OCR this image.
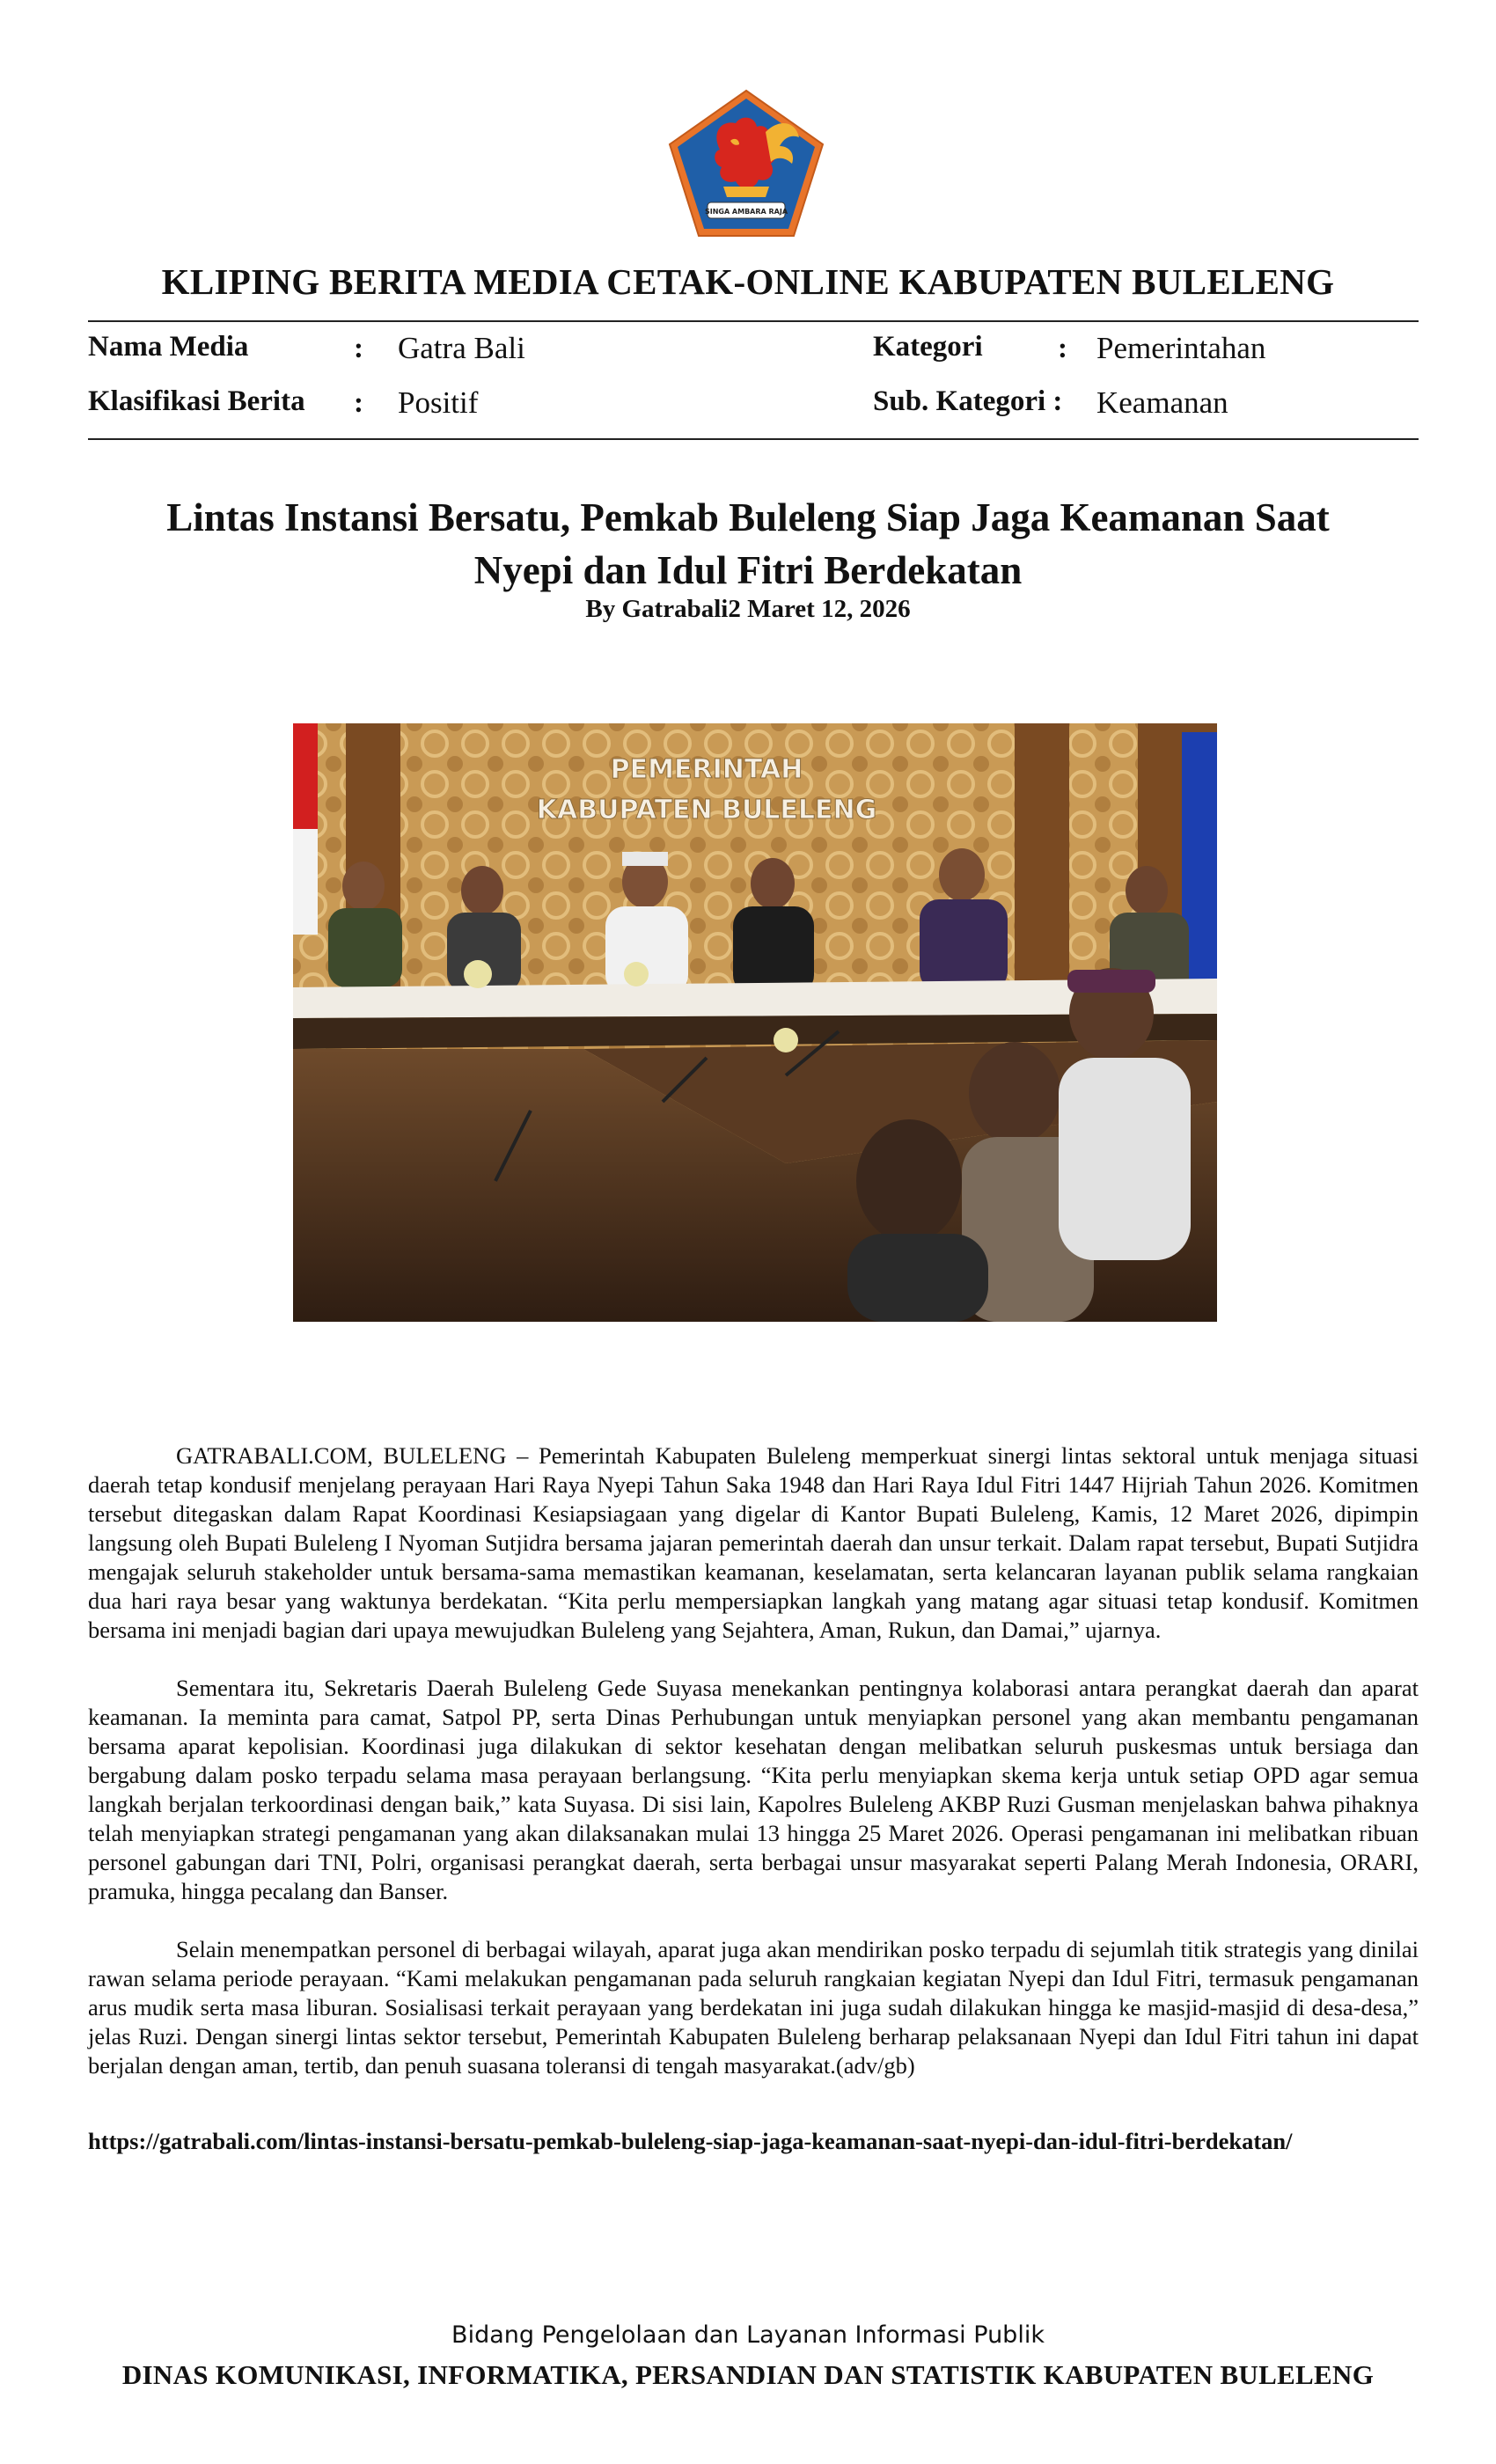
SINGA AMBARA RAJA
KLIPING BERITA MEDIA CETAK-ONLINE KABUPATEN BULELENG
Nama Media	: Gatra Bali	Kategori	: Pemerintahan
Klasifikasi Berita : Positif	Sub. Kategori : Keamanan
Lintas Instansi Bersatu, Pemkab Buleleng Siap Jaga Keamanan Saat
Nyepi dan Idul Fitri Berdekatan
By Gatrabali2 Maret 12, 2026
PEMERINTAH
KABUPATEN BULELENG

GATRABALI.COM, BULELENG – Pemerintah Kabupaten Buleleng memperkuat sinergi lintas sektoral untuk menjaga situasi daerah tetap kondusif menjelang perayaan Hari Raya Nyepi Tahun Saka 1948 dan Hari Raya Idul Fitri 1447 Hijriah Tahun 2026. Komitmen tersebut ditegaskan dalam Rapat Koordinasi Kesiapsiagaan yang digelar di Kantor Bupati Buleleng, Kamis, 12 Maret 2026, dipimpin langsung oleh Bupati Buleleng I Nyoman Sutjidra bersama jajaran pemerintah daerah dan unsur terkait. Dalam rapat tersebut, Bupati Sutjidra mengajak seluruh stakeholder untuk bersama-sama memastikan keamanan, keselamatan, serta kelancaran layanan publik selama rangkaian dua hari raya besar yang waktunya berdekatan. “Kita perlu mempersiapkan langkah yang matang agar situasi tetap kondusif. Komitmen bersama ini menjadi bagian dari upaya mewujudkan Buleleng yang Sejahtera, Aman, Rukun, dan Damai,” ujarnya.

Sementara itu, Sekretaris Daerah Buleleng Gede Suyasa menekankan pentingnya kolaborasi antara perangkat daerah dan aparat keamanan. Ia meminta para camat, Satpol PP, serta Dinas Perhubungan untuk menyiapkan personel yang akan membantu pengamanan bersama aparat kepolisian. Koordinasi juga dilakukan di sektor kesehatan dengan melibatkan seluruh puskesmas untuk bersiaga dan bergabung dalam posko terpadu selama masa perayaan berlangsung. “Kita perlu menyiapkan skema kerja untuk setiap OPD agar semua langkah berjalan terkoordinasi dengan baik,” kata Suyasa. Di sisi lain, Kapolres Buleleng AKBP Ruzi Gusman menjelaskan bahwa pihaknya telah menyiapkan strategi pengamanan yang akan dilaksanakan mulai 13 hingga 25 Maret 2026. Operasi pengamanan ini melibatkan ribuan personel gabungan dari TNI, Polri, organisasi perangkat daerah, serta berbagai unsur masyarakat seperti Palang Merah Indonesia, ORARI, pramuka, hingga pecalang dan Banser.

Selain menempatkan personel di berbagai wilayah, aparat juga akan mendirikan posko terpadu di sejumlah titik strategis yang dinilai rawan selama periode perayaan. “Kami melakukan pengamanan pada seluruh rangkaian kegiatan Nyepi dan Idul Fitri, termasuk pengamanan arus mudik serta masa liburan. Sosialisasi terkait perayaan yang berdekatan ini juga sudah dilakukan hingga ke masjid-masjid di desa-desa,” jelas Ruzi. Dengan sinergi lintas sektor tersebut, Pemerintah Kabupaten Buleleng berharap pelaksanaan Nyepi dan Idul Fitri tahun ini dapat berjalan dengan aman, tertib, dan penuh suasana toleransi di tengah masyarakat.(adv/gb)

https://gatrabali.com/lintas-instansi-bersatu-pemkab-buleleng-siap-jaga-keamanan-saat-nyepi-dan-idul-fitri-berdekatan/
Bidang Pengelolaan dan Layanan Informasi Publik
DINAS KOMUNIKASI, INFORMATIKA, PERSANDIAN DAN STATISTIK KABUPATEN BULELENG
